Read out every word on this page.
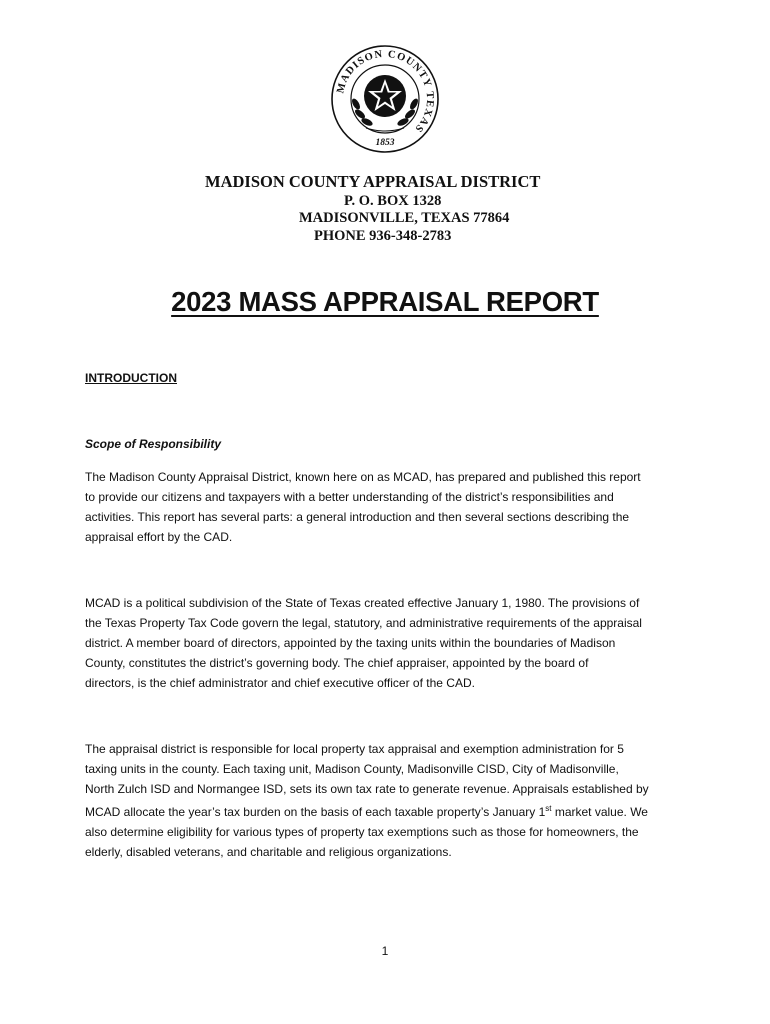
MADISON COUNTY TEXAS
1853
MADISON COUNTY APPRAISAL DISTRICT
P. O. BOX 1328
MADISONVILLE, TEXAS 77864
PHONE 936-348-2783
2023 MASS APPRAISAL REPORT
INTRODUCTION
Scope of Responsibility
The Madison County Appraisal District, known here on as MCAD, has prepared and published this report
to provide our citizens and taxpayers with a better understanding of the district’s responsibilities and
activities. This report has several parts: a general introduction and then several sections describing the
appraisal effort by the CAD.
MCAD is a political subdivision of the State of Texas created effective January 1, 1980. The provisions of
the Texas Property Tax Code govern the legal, statutory, and administrative requirements of the appraisal
district. A member board of directors, appointed by the taxing units within the boundaries of Madison
County, constitutes the district’s governing body. The chief appraiser, appointed by the board of
directors, is the chief administrator and chief executive officer of the CAD.
The appraisal district is responsible for local property tax appraisal and exemption administration for 5
taxing units in the county. Each taxing unit, Madison County, Madisonville CISD, City of Madisonville,
North Zulch ISD and Normangee ISD, sets its own tax rate to generate revenue. Appraisals established by
MCAD allocate the year’s tax burden on the basis of each taxable property’s January 1st market value. We
also determine eligibility for various types of property tax exemptions such as those for homeowners, the
elderly, disabled veterans, and charitable and religious organizations.
1
